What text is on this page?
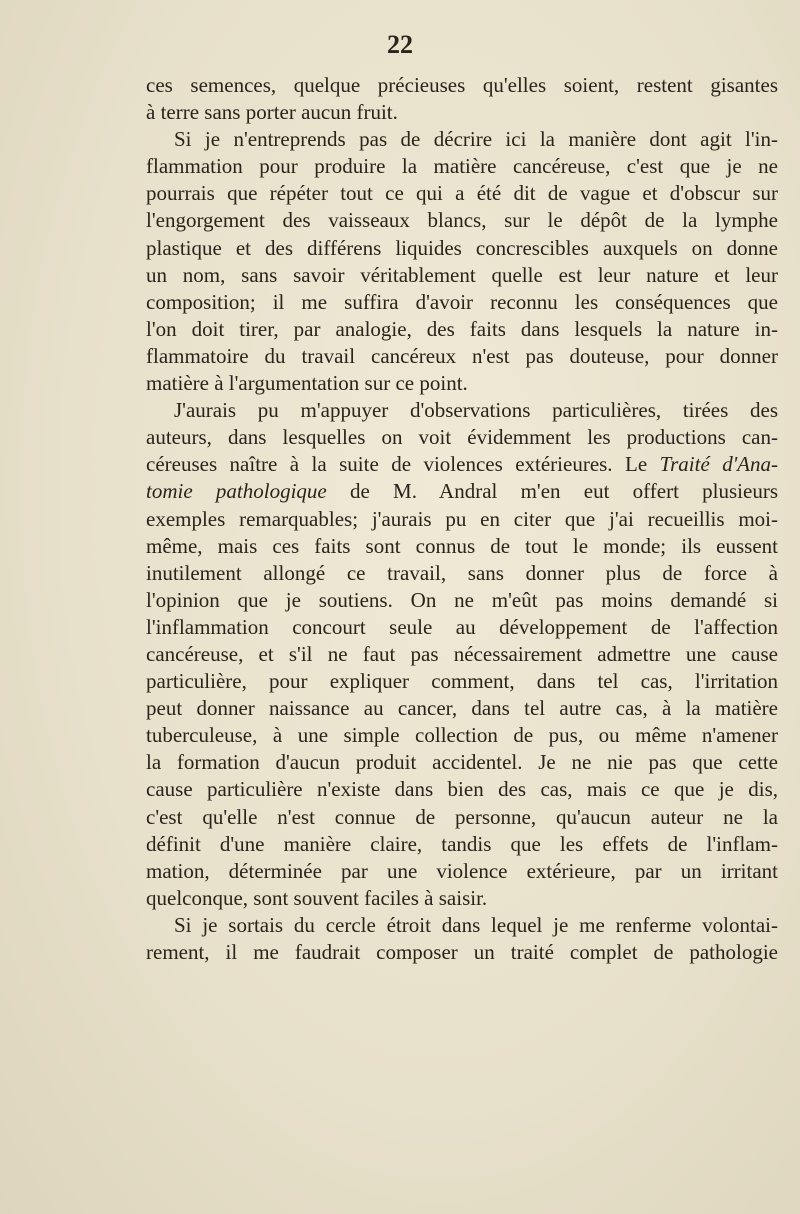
22
ces semences, quelque précieuses qu'elles soient, restent gisantes
à terre sans porter aucun fruit.
Si je n'entreprends pas de décrire ici la manière dont agit l'in-
flammation pour produire la matière cancéreuse, c'est que je ne
pourrais que répéter tout ce qui a été dit de vague et d'obscur sur
l'engorgement des vaisseaux blancs, sur le dépôt de la lymphe
plastique et des différens liquides concrescibles auxquels on donne
un nom, sans savoir véritablement quelle est leur nature et leur
composition; il me suffira d'avoir reconnu les conséquences que
l'on doit tirer, par analogie, des faits dans lesquels la nature in-
flammatoire du travail cancéreux n'est pas douteuse, pour donner
matière à l'argumentation sur ce point.
J'aurais pu m'appuyer d'observations particulières, tirées des
auteurs, dans lesquelles on voit évidemment les productions can-
céreuses naître à la suite de violences extérieures. Le Traité d'Ana-
tomie pathologique de M. Andral m'en eut offert plusieurs
exemples remarquables; j'aurais pu en citer que j'ai recueillis moi-
même, mais ces faits sont connus de tout le monde; ils eussent
inutilement allongé ce travail, sans donner plus de force à
l'opinion que je soutiens. On ne m'eût pas moins demandé si
l'inflammation concourt seule au développement de l'affection
cancéreuse, et s'il ne faut pas nécessairement admettre une cause
particulière, pour expliquer comment, dans tel cas, l'irritation
peut donner naissance au cancer, dans tel autre cas, à la matière
tuberculeuse, à une simple collection de pus, ou même n'amener
la formation d'aucun produit accidentel. Je ne nie pas que cette
cause particulière n'existe dans bien des cas, mais ce que je dis,
c'est qu'elle n'est connue de personne, qu'aucun auteur ne la
définit d'une manière claire, tandis que les effets de l'inflam-
mation, déterminée par une violence extérieure, par un irritant
quelconque, sont souvent faciles à saisir.
Si je sortais du cercle étroit dans lequel je me renferme volontai-
rement, il me faudrait composer un traité complet de pathologie
